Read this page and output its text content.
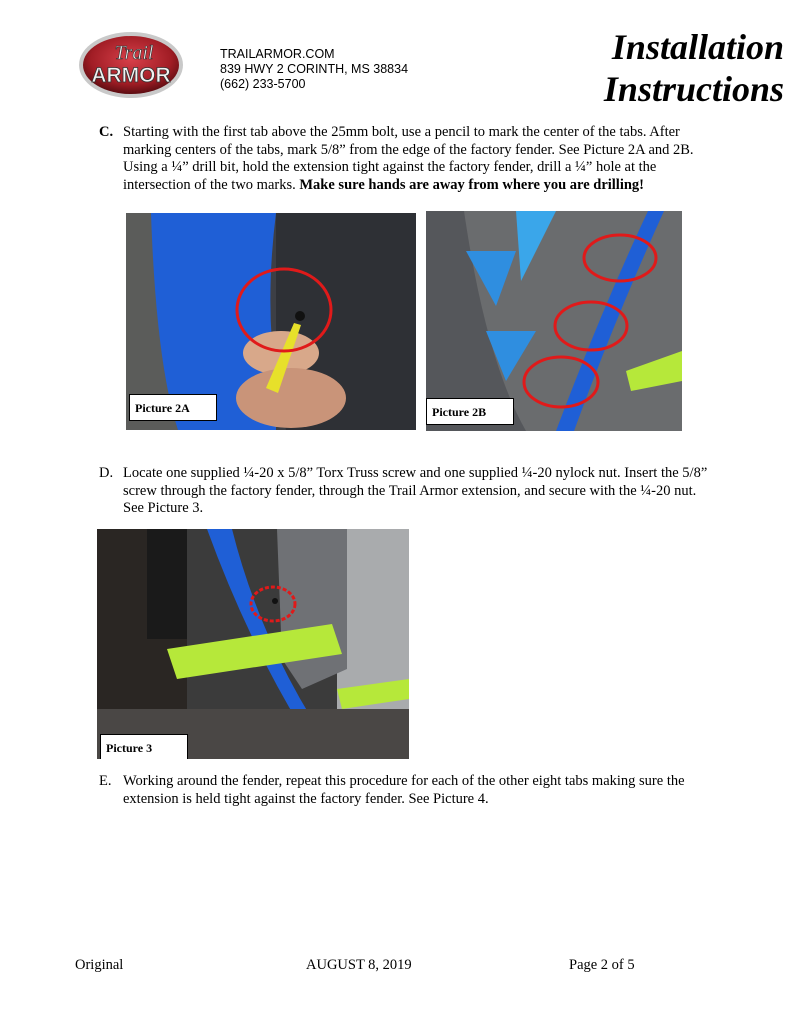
Trail
ARMOR
TRAILARMOR.COM
839 HWY 2 CORINTH, MS 38834
(662) 233-5700
Installation
Instructions
C. Starting with the first tab above the 25mm bolt, use a pencil to mark the center of the tabs. After marking centers of the tabs, mark 5/8” from the edge of the factory fender. See Picture 2A and 2B. Using a ¼” drill bit, hold the extension tight against the factory fender, drill a ¼” hole at the intersection of the two marks. Make sure hands are away from where you are drilling!
Picture 2A	Picture 2B
D. Locate one supplied ¼-20 x 5/8” Torx Truss screw and one supplied ¼-20 nylock nut. Insert the 5/8” screw through the factory fender, through the Trail Armor extension, and secure with the ¼-20 nut. See Picture 3.
Picture 3
E. Working around the fender, repeat this procedure for each of the other eight tabs making sure the extension is held tight against the factory fender. See Picture 4.
Original	AUGUST 8, 2019	Page 2 of 5
